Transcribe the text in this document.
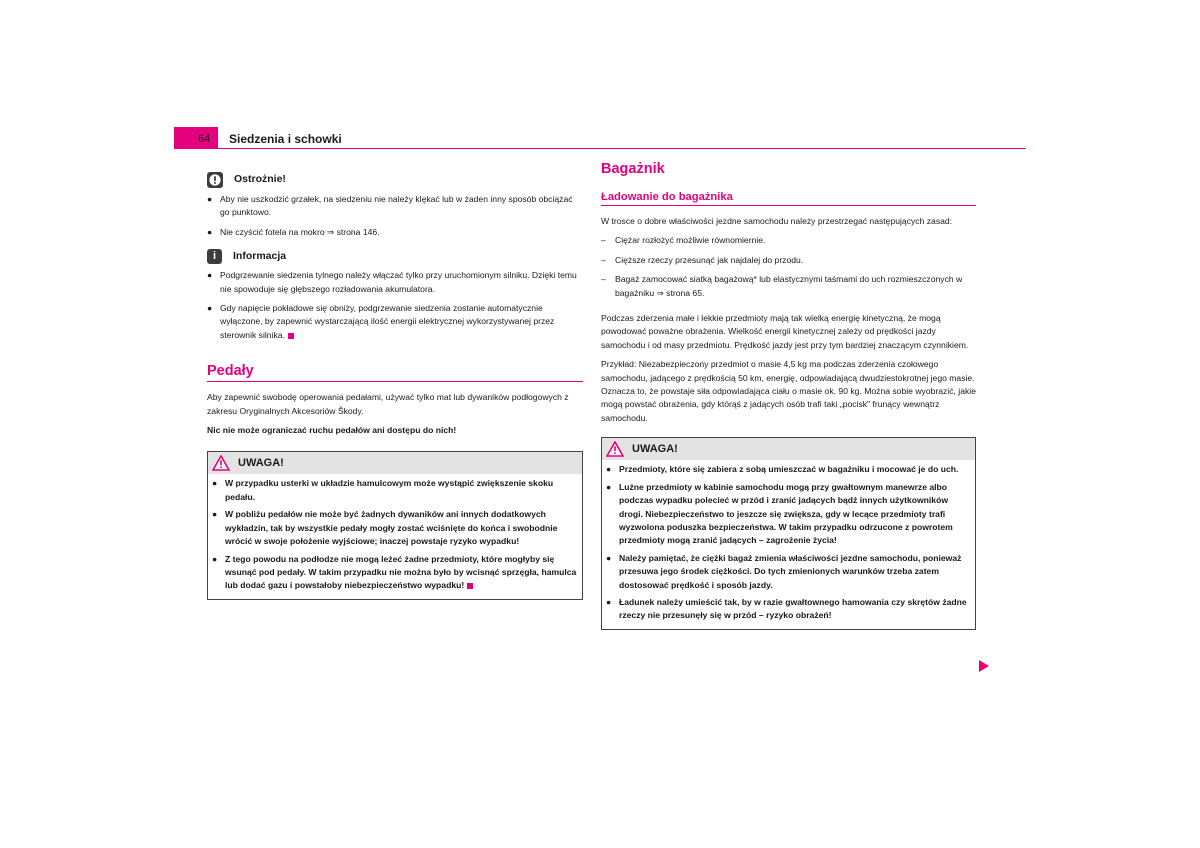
64 Siedzenia i schowki
Ostrożnie!
● Aby nie uszkodzić grzałek, na siedzeniu nie należy klękać lub w żaden inny sposób obciążać go punktowo.
● Nie czyścić fotela na mokro ⇒ strona 146.
i	Informacja
● Podgrzewanie siedzenia tylnego należy włączać tylko przy uruchomionym silniku. Dzięki temu nie spowoduje się głębszego rozładowania akumulatora.
● Gdy napięcie pokładowe się obniży, podgrzewanie siedzenia zostanie automatycznie wyłączone, by zapewnić wystarczającą ilość energii elektrycznej wykorzystywanej przez sterownik silnika.
Pedały

Aby zapewnić swobodę operowania pedałami, używać tylko mat lub dywaników podłogowych z zakresu Oryginalnych Akcesoriów Škody.

Nic nie może ograniczać ruchu pedałów ani dostępu do nich!

UWAGA!
● W przypadku usterki w układzie hamulcowym może wystąpić zwiększenie skoku pedału.
● W pobliżu pedałów nie może być żadnych dywaników ani innych dodatkowych wykładzin, tak by wszystkie pedały mogły zostać wciśnięte do końca i swobodnie wrócić w swoje położenie wyjściowe; inaczej powstaje ryzyko wypadku!
● Z tego powodu na podłodze nie mogą leżeć żadne przedmioty, które mogłyby się wsunąć pod pedały. W takim przypadku nie można było by wcisnąć sprzęgła, hamulca lub dodać gazu i powstałoby niebezpieczeństwo wypadku!
Bagażnik
Ładowanie do bagażnika

W trosce o dobre właściwości jezdne samochodu należy przestrzegać następujących zasad:

–	Ciężar rozłożyć możliwie równomiernie.
–	Cięższe rzeczy przesunąć jak najdalej do przodu.
–	Bagaż zamocować siatką bagażową* lub elastycznymi taśmami do uch rozmieszczonych w bagażniku ⇒ strona 65.

Podczas zderzenia małe i lekkie przedmioty mają tak wielką energię kinetyczną, że mogą powodować poważne obrażenia. Wielkość energii kinetycznej zależy od prędkości jazdy samochodu i od masy przedmiotu. Prędkość jazdy jest przy tym bardziej znaczącym czynnikiem.

Przykład: Niezabezpieczony przedmiot o masie 4,5 kg ma podczas zderzenia czołowego samochodu, jadącego z prędkością 50 km, energię, odpowiadającą dwudziestokrotnej jego masie. Oznacza to, że powstaje siła odpowiadająca ciału o masie ok. 90 kg. Można sobie wyobrazić, jakie mogą powstać obrażenia, gdy którąś z jadących osób trafi taki „pocisk" frunący wewnątrz samochodu.

UWAGA!
● Przedmioty, które się zabiera z sobą umieszczać w bagażniku i mocować je do uch.
● Luźne przedmioty w kabinie samochodu mogą przy gwałtownym manewrze albo podczas wypadku polecieć w przód i zranić jadących bądź innych użytkowników drogi. Niebezpieczeństwo to jeszcze się zwiększa, gdy w lecące przedmioty trafi wyzwolona poduszka bezpieczeństwa. W takim przypadku odrzucone z powrotem przedmioty mogą zranić jadących – zagrożenie życia!
● Należy pamiętać, że ciężki bagaż zmienia właściwości jezdne samochodu, ponieważ przesuwa jego środek ciężkości. Do tych zmienionych warunków trzeba zatem dostosować prędkość i sposób jazdy.
● Ładunek należy umieścić tak, by w razie gwałtownego hamowania czy skrętów żadne rzeczy nie przesunęły się w przód – ryzyko obrażeń!
